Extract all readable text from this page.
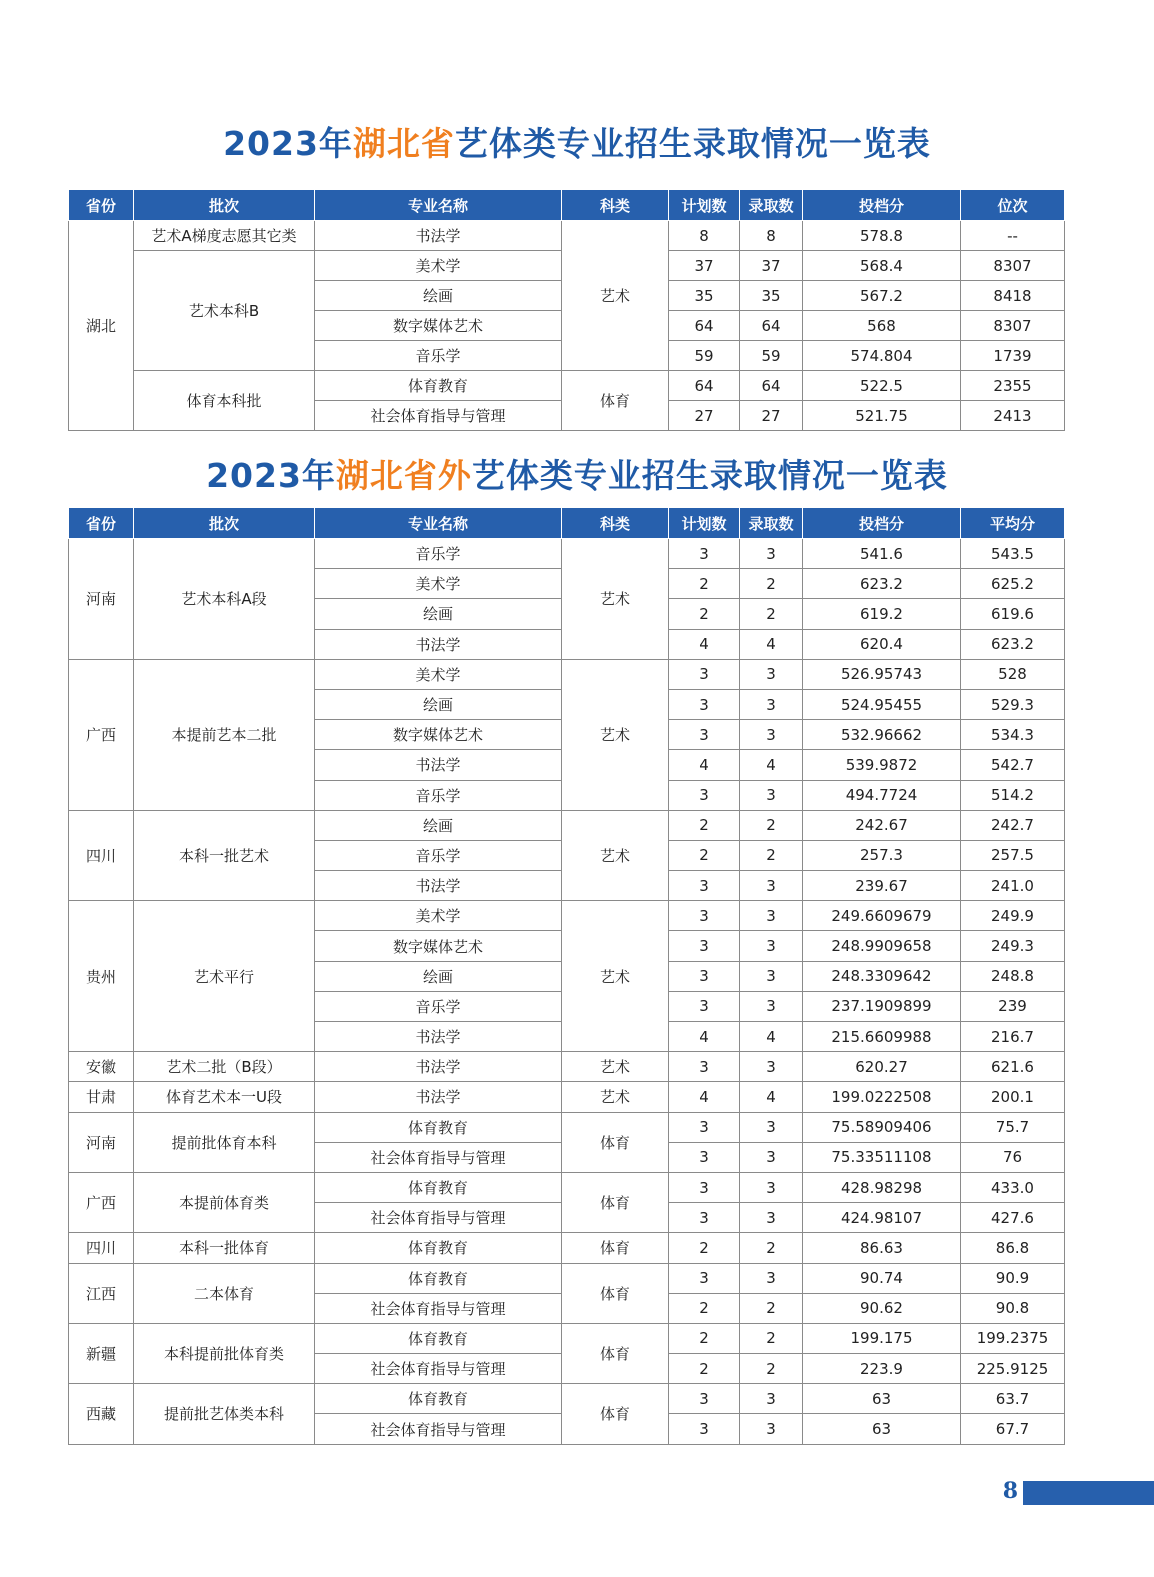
2023年湖北省艺体类专业招生录取情况一览表
省份	批次	专业名称	科类	计划数	录取数	投档分	位次
湖北	艺术A梯度志愿其它类	书法学	艺术	8	8	578.8	--
	艺术本科B	美术学		37	37	568.4	8307
		绘画		35	35	567.2	8418
		数字媒体艺术		64	64	568	8307
		音乐学		59	59	574.804	1739
	体育本科批	体育教育	体育	64	64	522.5	2355
		社会体育指导与管理		27	27	521.75	2413
2023年湖北省外艺体类专业招生录取情况一览表
省份	批次	专业名称	科类	计划数	录取数	投档分	平均分
河南	艺术本科A段	音乐学	艺术	3	3	541.6	543.5
		美术学		2	2	623.2	625.2
		绘画		2	2	619.2	619.6
		书法学		4	4	620.4	623.2
广西	本提前艺本二批	美术学	艺术	3	3	526.95743	528
		绘画		3	3	524.95455	529.3
		数字媒体艺术		3	3	532.96662	534.3
		书法学		4	4	539.9872	542.7
		音乐学		3	3	494.7724	514.2
四川	本科一批艺术	绘画	艺术	2	2	242.67	242.7
		音乐学		2	2	257.3	257.5
		书法学		3	3	239.67	241.0
贵州	艺术平行	美术学	艺术	3	3	249.6609679	249.9
		数字媒体艺术		3	3	248.9909658	249.3
		绘画		3	3	248.3309642	248.8
		音乐学		3	3	237.1909899	239
		书法学		4	4	215.6609988	216.7
安徽	艺术二批（B段）	书法学	艺术	3	3	620.27	621.6
甘肃	体育艺术本一U段	书法学	艺术	4	4	199.0222508	200.1
河南	提前批体育本科	体育教育	体育	3	3	75.58909406	75.7
		社会体育指导与管理		3	3	75.33511108	76
广西	本提前体育类	体育教育	体育	3	3	428.98298	433.0
		社会体育指导与管理		3	3	424.98107	427.6
四川	本科一批体育	体育教育	体育	2	2	86.63	86.8
江西	二本体育	体育教育	体育	3	3	90.74	90.9
		社会体育指导与管理		2	2	90.62	90.8
新疆	本科提前批体育类	体育教育	体育	2	2	199.175	199.2375
		社会体育指导与管理		2	2	223.9	225.9125
西藏	提前批艺体类本科	体育教育	体育	3	3	63	63.7
		社会体育指导与管理		3	3	63	67.7
8
